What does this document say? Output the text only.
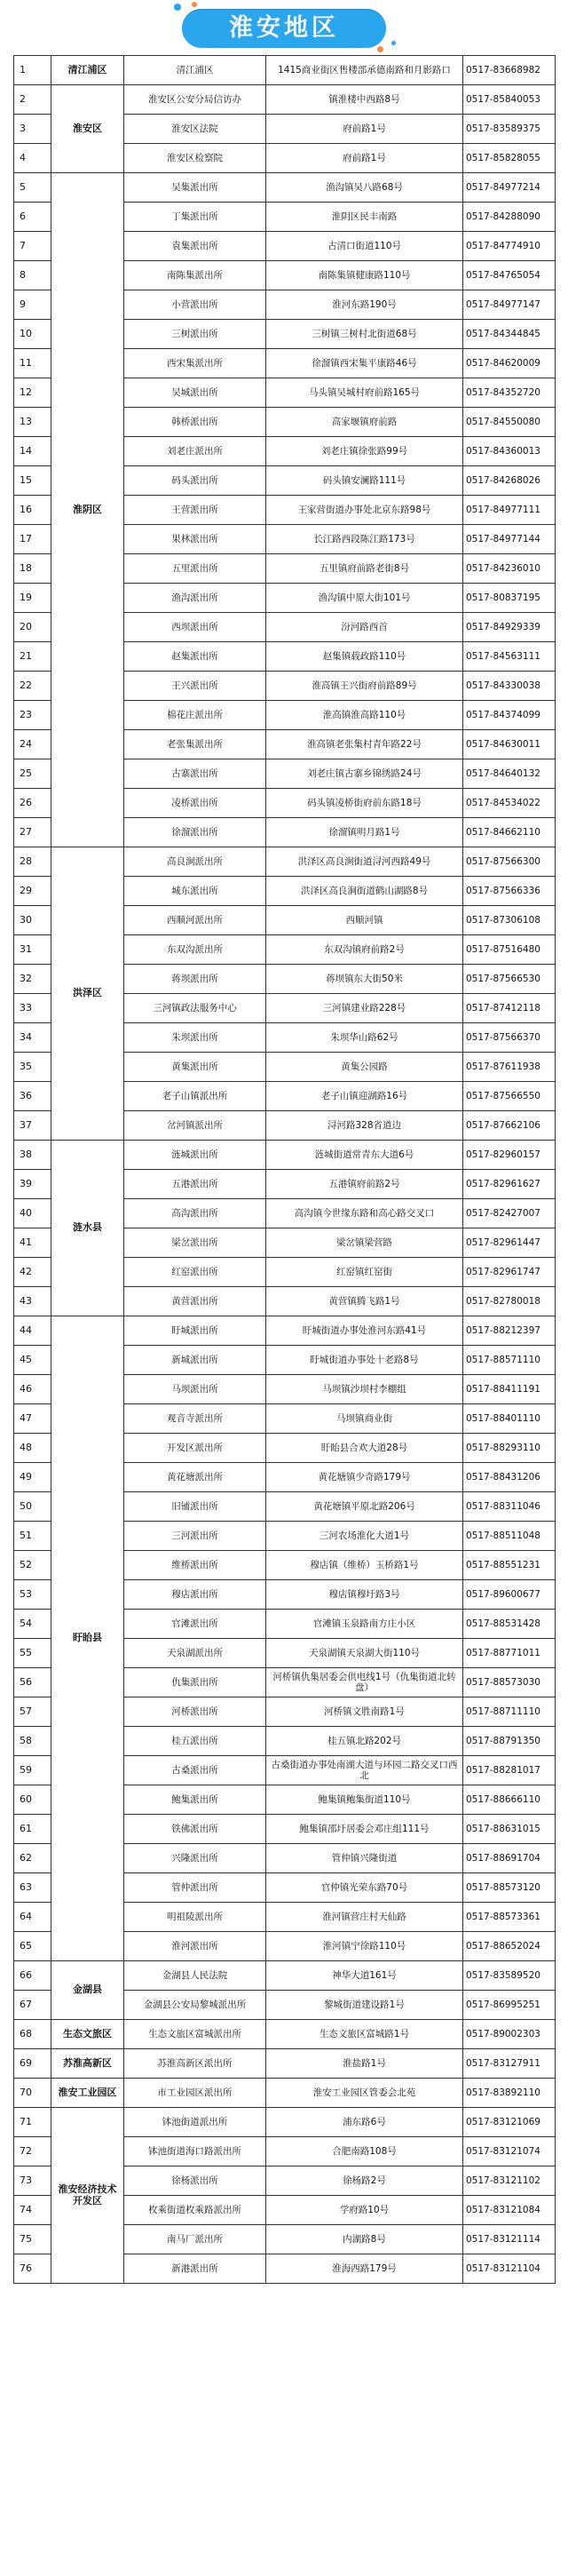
淮安地区
1	清江浦区	清江浦区	1415商业街区售楼部承德南路和月影路口	0517-83668982
2	淮安区	淮安区公安分局信访办	镇淮楼中西路8号	0517-85840053
3		淮安区法院	府前路1号	0517-83589375
4		淮安区检察院	府前路1号	0517-85828055
5	淮阴区	吴集派出所	渔沟镇吴八路68号	0517-84977214
6		丁集派出所	淮阴区民丰南路	0517-84288090
7		袁集派出所	古清口街道110号	0517-84774910
8		南陈集派出所	南陈集镇健康路110号	0517-84765054
9		小营派出所	淮河东路190号	0517-84977147
10		三树派出所	三树镇三树村北街道68号	0517-84344845
11		西宋集派出所	徐溜镇西宋集平康路46号	0517-84620009
12		吴城派出所	马头镇吴城村府前路165号	0517-84352720
13		韩桥派出所	高家堰镇府前路	0517-84550080
14		刘老庄派出所	刘老庄镇徐张路99号	0517-84360013
15		码头派出所	码头镇安澜路111号	0517-84268026
16		王营派出所	王家营街道办事处北京东路98号	0517-84977111
17		果林派出所	长江路西段陈江路173号	0517-84977144
18		五里派出所	五里镇府前路老街8号	0517-84236010
19		渔沟派出所	渔沟镇中原大街101号	0517-80837195
20		西坝派出所	汾河路西首	0517-84929339
21		赵集派出所	赵集镇载政路110号	0517-84563111
22		王兴派出所	淮高镇王兴街府前路89号	0517-84330038
23		棉花庄派出所	淮高镇淮高路110号	0517-84374099
24		老张集派出所	淮高镇老张集村青年路22号	0517-84630011
25		古寨派出所	刘老庄镇古寨乡锦绣路24号	0517-84640132
26		凌桥派出所	码头镇凌桥街府前东路18号	0517-84534022
27		徐溜派出所	徐溜镇明月路1号	0517-84662110
28	洪泽区	高良涧派出所	洪泽区高良涧街道浔河西路49号	0517-87566300
29		城东派出所	洪泽区高良涧街道鹤山湖路8号	0517-87566336
30		西顺河派出所	西顺河镇	0517-87306108
31		东双沟派出所	东双沟镇府前路2号	0517-87516480
32		蒋坝派出所	蒋坝镇东大街50米	0517-87566530
33		三河镇政法服务中心	三河镇建业路228号	0517-87412118
34		朱坝派出所	朱坝华山路62号	0517-87566370
35		黄集派出所	黄集公园路	0517-87611938
36		老子山镇派出所	老子山镇迎湖路16号	0517-87566550
37		岔河镇派出所	浔河路328省道边	0517-87662106
38	涟水县	涟城派出所	涟城街道常青东大道6号	0517-82960157
39		五港派出所	五港镇府前路2号	0517-82961627
40		高沟派出所	高沟镇今世缘东路和高心路交叉口	0517-82427007
41		梁岔派出所	梁岔镇梁营路	0517-82961447
42		红窑派出所	红窑镇红窑街	0517-82961747
43		黄营派出所	黄营镇腾飞路1号	0517-82780018
44	盱眙县	盱城派出所	盱城街道办事处淮河东路41号	0517-88212397
45		新城派出所	盱城街道办事处十老路8号	0517-88571110
46		马坝派出所	马坝镇沙坝村李棚组	0517-88411191
47		观音寺派出所	马坝镇商业街	0517-88401110
48		开发区派出所	盱眙县合欢大道28号	0517-88293110
49		黄花塘派出所	黄花塘镇少奇路179号	0517-88431206
50		旧铺派出所	黄花塘镇平原北路206号	0517-88311046
51		三河派出所	三河农场淮化大道1号	0517-88511048
52		维桥派出所	穆店镇（维桥）玉桥路1号	0517-88551231
53		穆店派出所	穆店镇穆圩路3号	0517-89600677
54		官滩派出所	官滩镇玉泉路南方庄小区	0517-88531428
55		天泉湖派出所	天泉湖镇天泉湖大街110号	0517-88771011
56		仇集派出所	河桥镇仇集居委会供电线1号（仇集街道北转盘）	0517-88573030
57		河桥派出所	河桥镇文胜南路1号	0517-88711110
58		桂五派出所	桂五镇北路202号	0517-88791350
59		古桑派出所	古桑街道办事处南湖大道与环园二路交叉口西北	0517-88281017
60		鲍集派出所	鲍集镇鲍集街道110号	0517-88666110
61		铁佛派出所	鲍集镇邵圩居委会邓庄组111号	0517-88631015
62		兴隆派出所	管仲镇兴隆街道	0517-88691704
63		管仲派出所	官仲镇光荣东路70号	0517-88573120
64		明祖陵派出所	淮河镇营庄村天仙路	0517-88573361
65		淮河派出所	淮河镇宁徐路110号	0517-88652024
66	金湖县	金湖县人民法院	神华大道161号	0517-83589520
67		金湖县公安局黎城派出所	黎城街道建设路1号	0517-86995251
68	生态文旅区	生态文旅区富城派出所	生态文旅区富城路1号	0517-89002303
69	苏淮高新区	苏淮高新区派出所	淮盐路1号	0517-83127911
70	淮安工业园区	市工业园区派出所	淮安工业园区管委会北苑	0517-83892110
71	淮安经济技术开发区	钵池街道派出所	浦东路6号	0517-83121069
72		钵池街道海口路派出所	合肥南路108号	0517-83121074
73		徐杨派出所	徐杨路2号	0517-83121102
74		枚乘街道枚乘路派出所	学府路10号	0517-83121084
75		南马厂派出所	内湖路8号	0517-83121114
76		新港派出所	淮海西路179号	0517-83121104
